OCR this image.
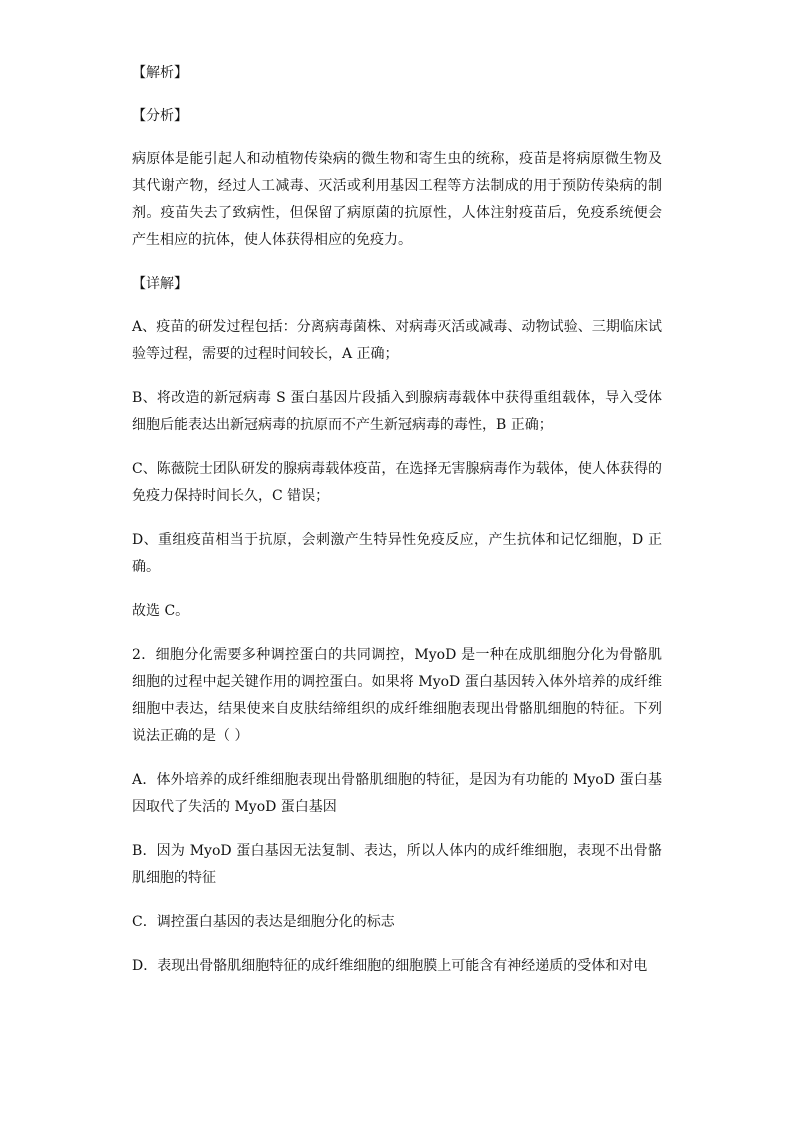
【解析】

【分析】

病原体是能引起人和动植物传染病的微生物和寄生虫的统称，疫苗是将病原微生物及其代谢产物，经过人工减毒、灭活或利用基因工程等方法制成的用于预防传染病的制剂。疫苗失去了致病性，但保留了病原菌的抗原性，人体注射疫苗后，免疫系统便会产生相应的抗体，使人体获得相应的免疫力。

【详解】

A、疫苗的研发过程包括：分离病毒菌株、对病毒灭活或减毒、动物试验、三期临床试验等过程，需要的过程时间较长，A 正确；

B、将改造的新冠病毒 S 蛋白基因片段插入到腺病毒载体中获得重组载体，导入受体细胞后能表达出新冠病毒的抗原而不产生新冠病毒的毒性，B 正确；

C、陈薇院士团队研发的腺病毒载体疫苗，在选择无害腺病毒作为载体，使人体获得的免疫力保持时间长久，C 错误；

D、重组疫苗相当于抗原，会刺激产生特异性免疫反应，产生抗体和记忆细胞，D 正确。

故选 C。

2．细胞分化需要多种调控蛋白的共同调控，MyoD 是一种在成肌细胞分化为骨骼肌细胞的过程中起关键作用的调控蛋白。如果将 MyoD 蛋白基因转入体外培养的成纤维细胞中表达，结果使来自皮肤结缔组织的成纤维细胞表现出骨骼肌细胞的特征。下列说法正确的是（ ）

A．体外培养的成纤维细胞表现出骨骼肌细胞的特征，是因为有功能的 MyoD 蛋白基因取代了失活的 MyoD 蛋白基因

B．因为 MyoD 蛋白基因无法复制、表达，所以人体内的成纤维细胞，表现不出骨骼肌细胞的特征

C．调控蛋白基因的表达是细胞分化的标志

D．表现出骨骼肌细胞特征的成纤维细胞的细胞膜上可能含有神经递质的受体和对电
